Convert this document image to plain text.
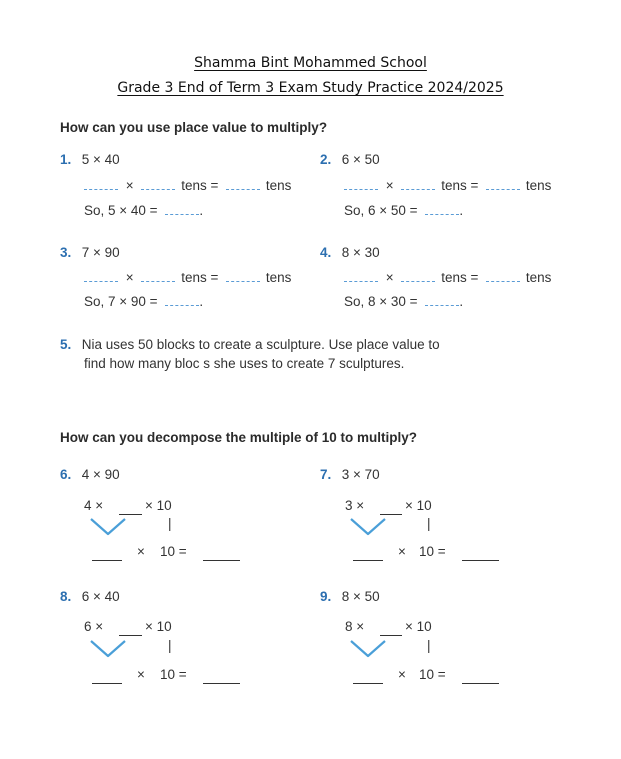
Shamma Bint Mohammed School
Grade 3 End of Term 3 Exam Study Practice 2024/2025
How can you use place value to multiply?
1. 5 × 40
×	tens =	tens
So, 5 × 40 =	.
2. 6 × 50
×	tens =	tens
So, 6 × 50 =	.
3. 7 × 90
×	tens =	tens
So, 7 × 90 =	.
4. 8 × 30
×	tens =	tens
So, 8 × 30 =	.
5. Nia uses 50 blocks to create a sculpture. Use place value to
find how many bloc s she uses to create 7 sculptures.
How can you decompose the multiple of 10 to multiply?
6. 4 × 90
4 ×	× 10
|
× 10 =
7. 3 × 70
3 ×	× 10
|
× 10 =
8. 6 × 40
6 ×	× 10
|
× 10 =
9. 8 × 50
8 ×	× 10
|
× 10 =
